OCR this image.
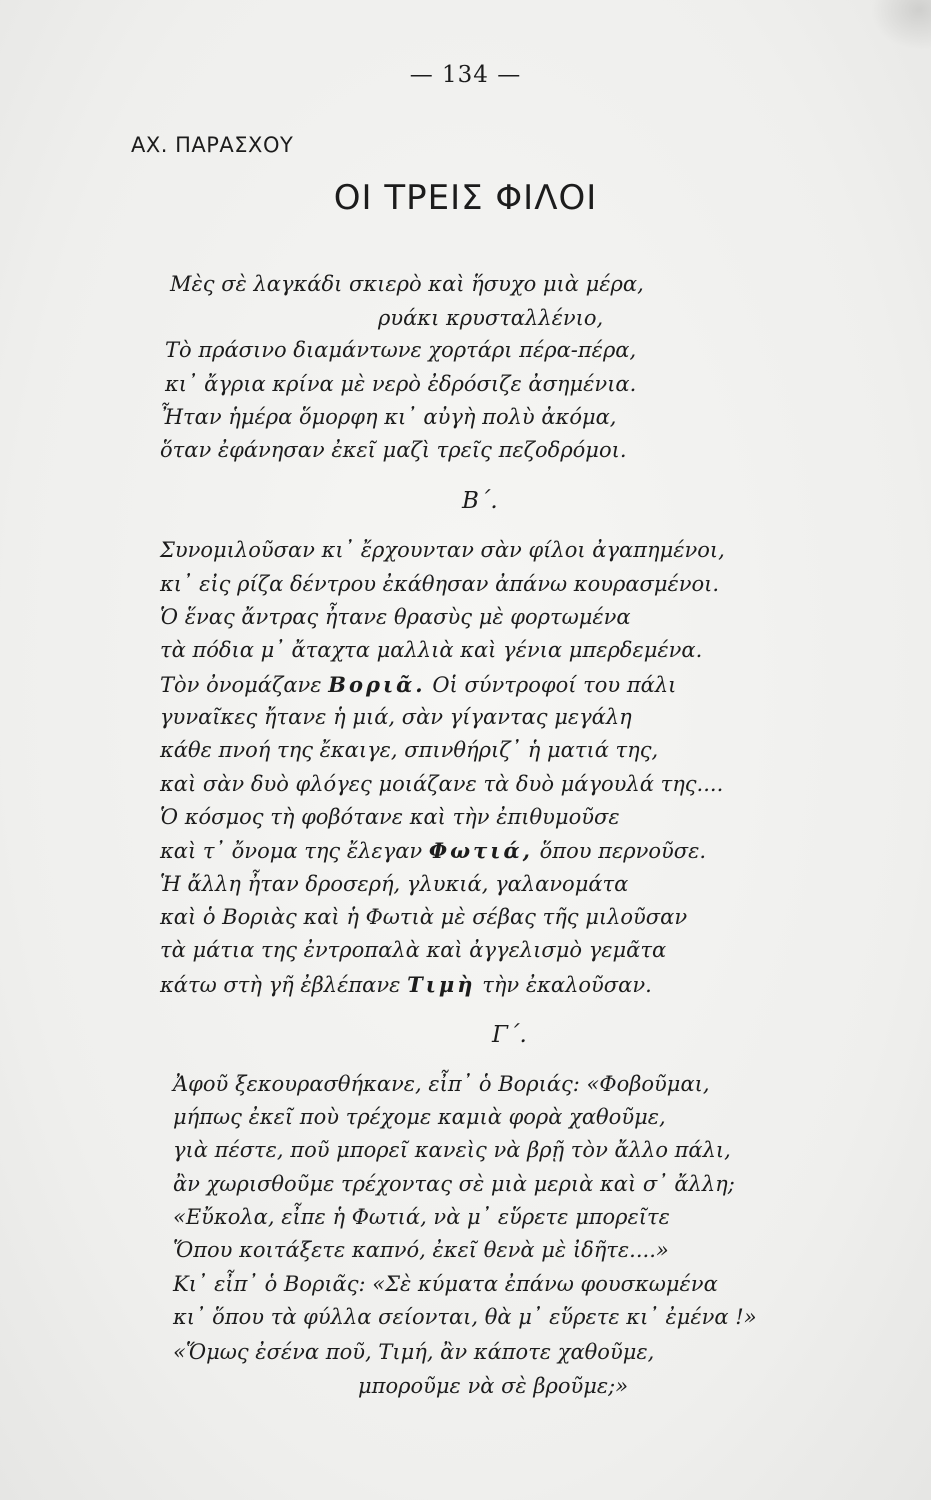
— 134 —
ΑΧ. ΠΑΡΑΣΧΟΥ
ΟΙ ΤΡΕΙΣ ΦΙΛΟΙ
Μὲς σὲ λαγκάδι σκιερὸ καὶ ἥσυχο μιὰ μέρα,
ρυάκι κρυσταλλένιο,
Τὸ πράσινο διαμάντωνε χορτάρι πέρα-πέρα,
κι᾽ ἄγρια κρίνα μὲ νερὸ ἐδρόσιζε ἀσημένια.
Ἦταν ἡμέρα ὅμορφη κι᾽ αὐγὴ πολὺ ἀκόμα,
ὅταν ἐφάνησαν ἐκεῖ μαζὶ τρεῖς πεζοδρόμοι.
Β΄.
Συνομιλοῦσαν κι᾽ ἔρχουνταν σὰν φίλοι ἀγαπημένοι,
κι᾽ εἰς ρίζα δέντρου ἐκάθησαν ἀπάνω κουρασμένοι.
Ὁ ἕνας ἄντρας ἦτανε θρασὺς μὲ φορτωμένα
τὰ πόδια μ᾽ ἄταχτα μαλλιὰ καὶ γένια μπερδεμένα.
Τὸν ὀνομάζανε Βοριᾶ. Οἱ σύντροφοί του πάλι
γυναῖκες ἤτανε ἡ μιά, σὰν γίγαντας μεγάλη
κάθε πνοή της ἔκαιγε, σπινθήριζ᾽ ἡ ματιά της,
καὶ σὰν δυὸ φλόγες μοιάζανε τὰ δυὸ μάγουλά της....
Ὁ κόσμος τὴ φοβότανε καὶ τὴν ἐπιθυμοῦσε
καὶ τ᾽ ὄνομα της ἔλεγαν Φωτιά, ὅπου περνοῦσε.
Ἡ ἄλλη ἦταν δροσερή, γλυκιά, γαλανομάτα
καὶ ὁ Βοριὰς καὶ ἡ Φωτιὰ μὲ σέβας τῆς μιλοῦσαν
τὰ μάτια της ἐντροπαλὰ καὶ ἀγγελισμὸ γεμᾶτα
κάτω στὴ γῆ ἐβλέπανε Τιμὴ τὴν ἐκαλοῦσαν.
Γ΄.
Ἀφοῦ ξεκουρασθήκανε, εἶπ᾽ ὁ Βοριάς: «Φοβοῦμαι,
μήπως ἐκεῖ ποὺ τρέχομε καμιὰ φορὰ χαθοῦμε,
γιὰ πέστε, ποῦ μπορεῖ κανεὶς νὰ βρῇ τὸν ἄλλο πάλι,
ἂν χωρισθοῦμε τρέχοντας σὲ μιὰ μεριὰ καὶ σ᾽ ἄλλη;
«Εὔκολα, εἶπε ἡ Φωτιά, νὰ μ᾽ εὕρετε μπορεῖτε
Ὅπου κοιτάξετε καπνό, ἐκεῖ θενὰ μὲ ἰδῆτε....»
Κι᾽ εἶπ᾽ ὁ Βοριᾶς: «Σὲ κύματα ἐπάνω φουσκωμένα
κι᾽ ὅπου τὰ φύλλα σείονται, θὰ μ᾽ εὕρετε κι᾽ ἐμένα !»
«Ὅμως ἐσένα ποῦ, Τιμή, ἂν κάποτε χαθοῦμε,
μποροῦμε νὰ σὲ βροῦμε;»
